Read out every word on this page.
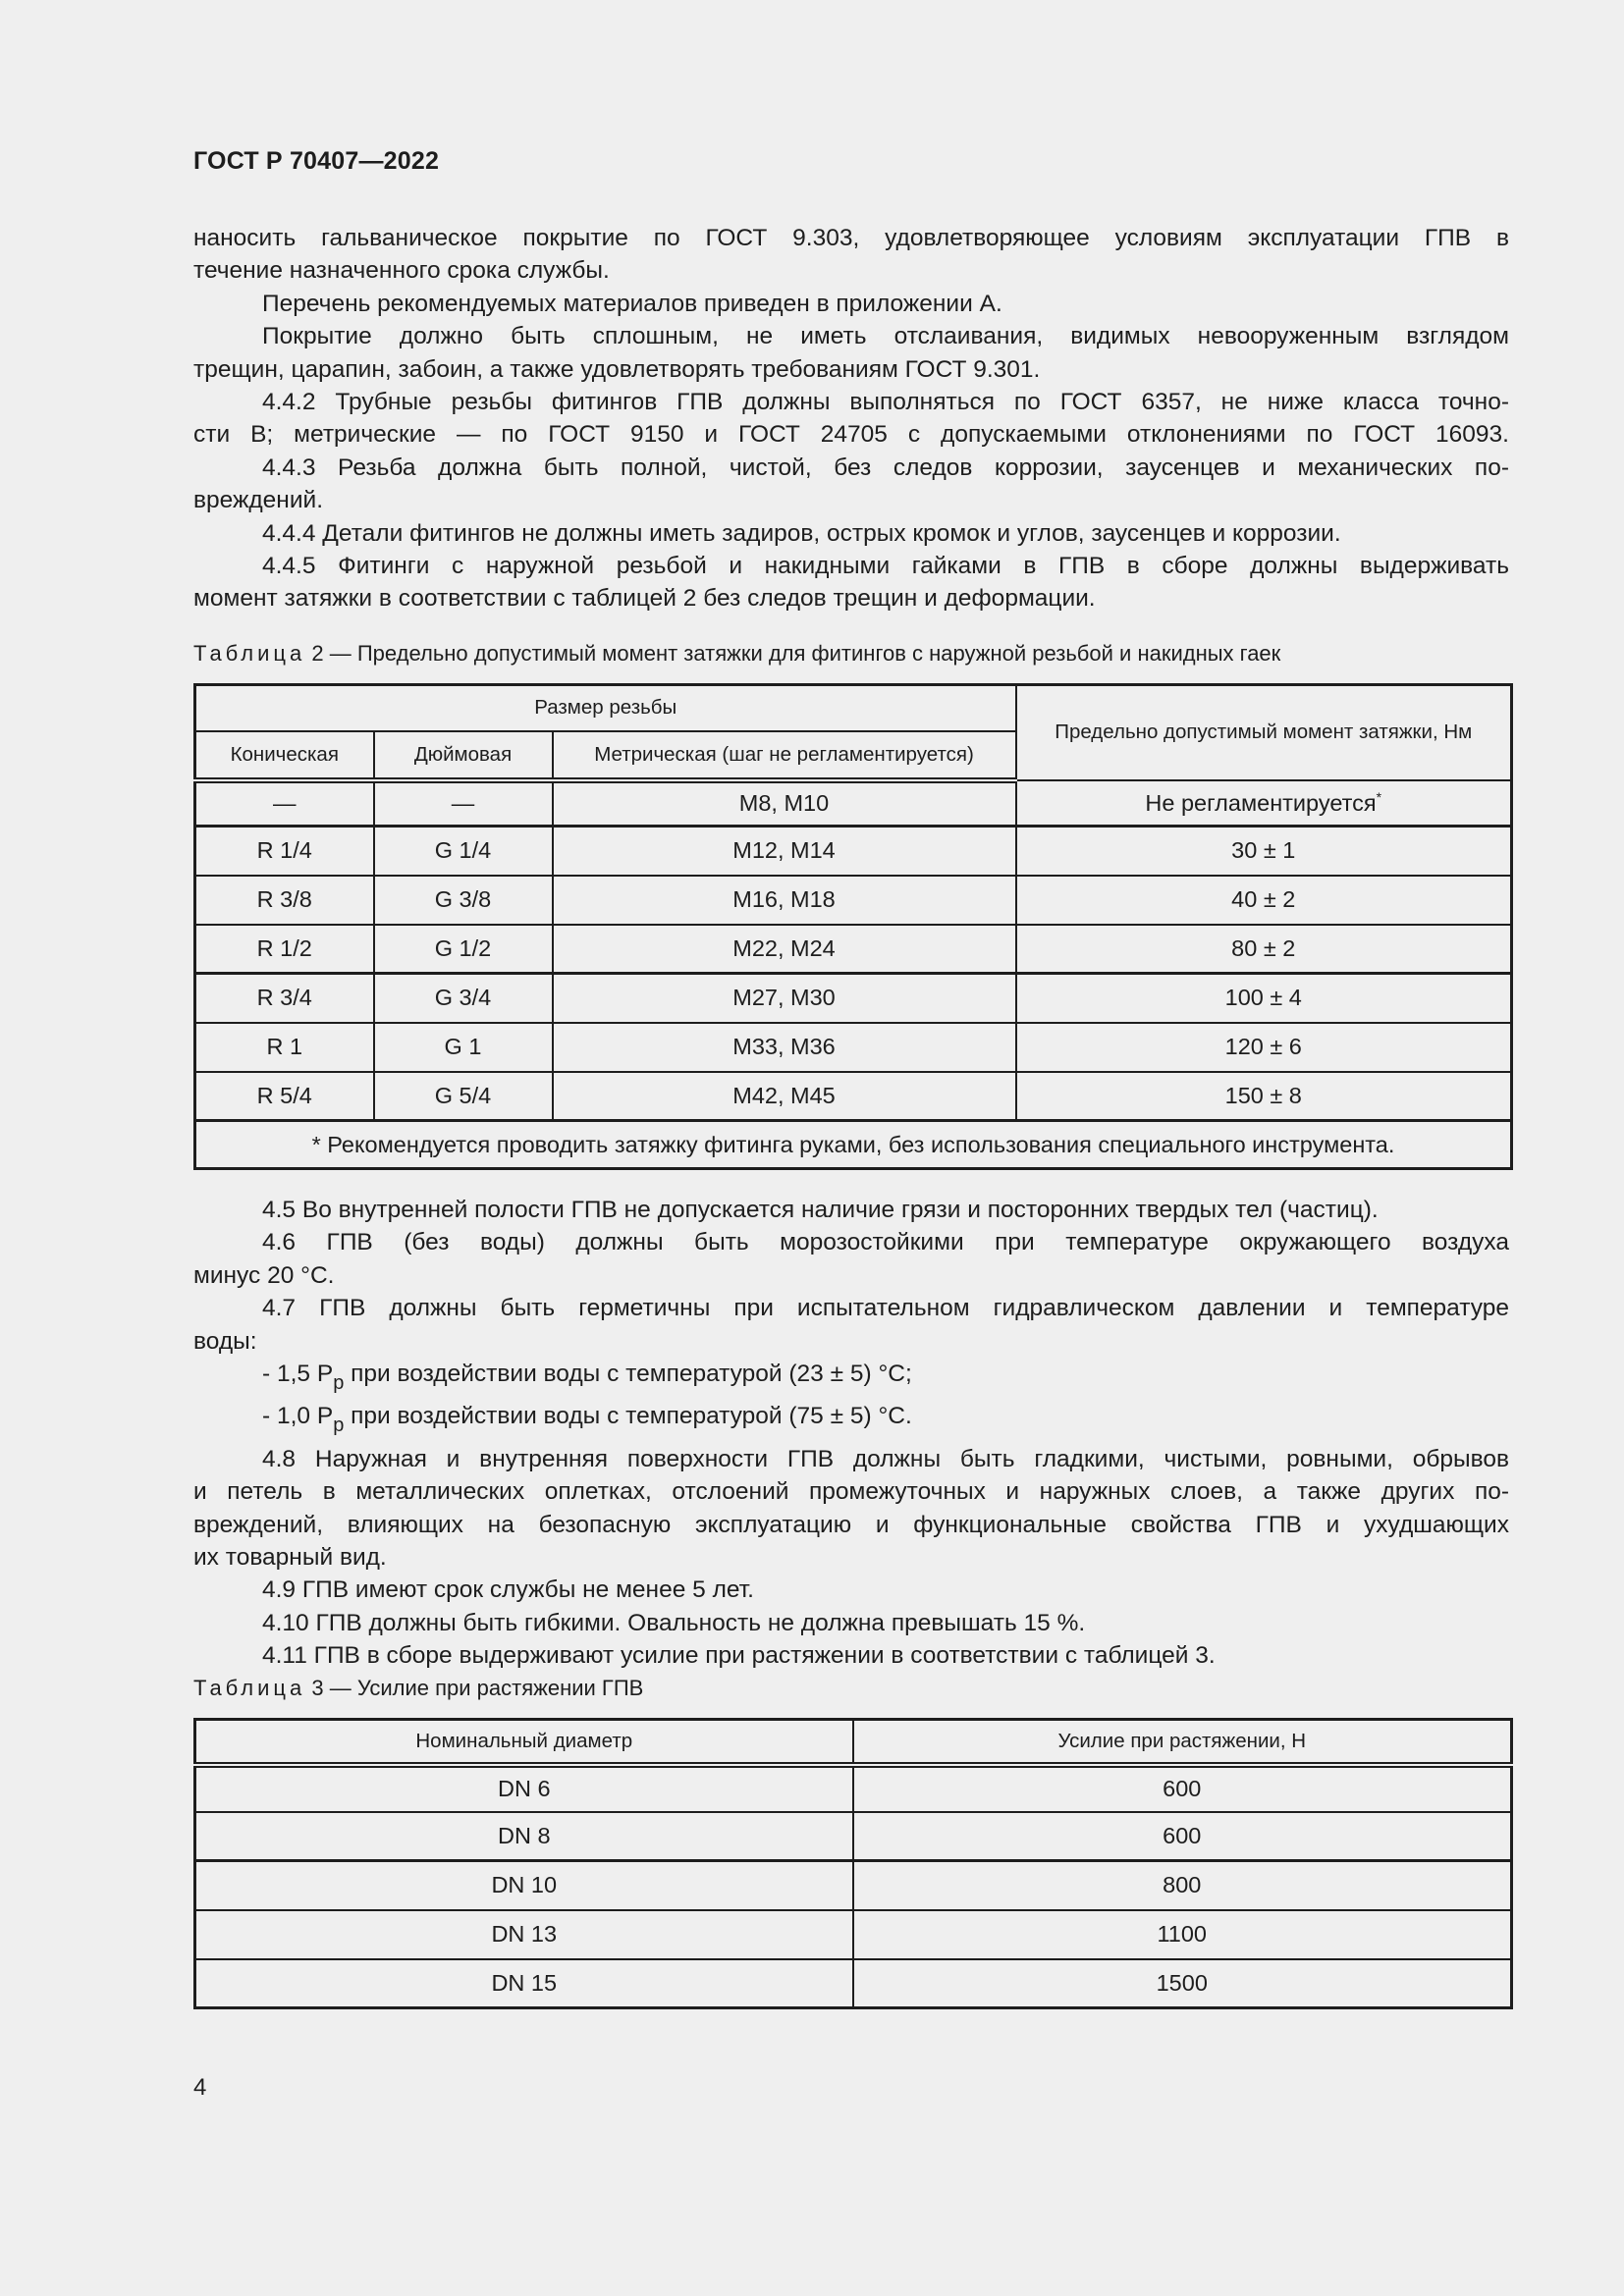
ГОСТ Р 70407—2022
наносить гальваническое покрытие по ГОСТ 9.303, удовлетворяющее условиям эксплуатации ГПВ в
течение назначенного срока службы.
Перечень рекомендуемых материалов приведен в приложении А.
Покрытие должно быть сплошным, не иметь отслаивания, видимых невооруженным взглядом
трещин, царапин, забоин, а также удовлетворять требованиям ГОСТ 9.301.
4.4.2 Трубные резьбы фитингов ГПВ должны выполняться по ГОСТ 6357, не ниже класса точно-
сти В; метрические — по ГОСТ 9150 и ГОСТ 24705 с допускаемыми отклонениями по ГОСТ 16093.
4.4.3 Резьба должна быть полной, чистой, без следов коррозии, заусенцев и механических по-
вреждений.
4.4.4 Детали фитингов не должны иметь задиров, острых кромок и углов, заусенцев и коррозии.
4.4.5 Фитинги с наружной резьбой и накидными гайками в ГПВ в сборе должны выдерживать
момент затяжки в соответствии с таблицей 2 без следов трещин и деформации.
Таблица 2 — Предельно допустимый момент затяжки для фитингов с наружной резьбой и накидных гаек
Размер резьбы			Предельно допустимый момент затяжки, Нм
Коническая	Дюймовая	Метрическая (шаг не регламентируется)	
—	—	M8, M10	Не регламентируется*
R 1/4	G 1/4	M12, M14	30 ± 1
R 3/8	G 3/8	M16, M18	40 ± 2
R 1/2	G 1/2	M22, M24	80 ± 2
R 3/4	G 3/4	M27, M30	100 ± 4
R 1	G 1	M33, M36	120 ± 6
R 5/4	G 5/4	M42, M45	150 ± 8
* Рекомендуется проводить затяжку фитинга руками, без использования специального инструмента.			
4.5 Во внутренней полости ГПВ не допускается наличие грязи и посторонних твердых тел (частиц).
4.6 ГПВ (без воды) должны быть морозостойкими при температуре окружающего воздуха
минус 20 °С.
4.7 ГПВ должны быть герметичны при испытательном гидравлическом давлении и температуре
воды:
- 1,5 $P_p$ при воздействии воды с температурой (23 ± 5) °С;
- 1,0 $P_p$ при воздействии воды с температурой (75 ± 5) °С.
4.8 Наружная и внутренняя поверхности ГПВ должны быть гладкими, чистыми, ровными, обрывов
и петель в металлических оплетках, отслоений промежуточных и наружных слоев, а также других по-
вреждений, влияющих на безопасную эксплуатацию и функциональные свойства ГПВ и ухудшающих
их товарный вид.
4.9 ГПВ имеют срок службы не менее 5 лет.
4.10 ГПВ должны быть гибкими. Овальность не должна превышать 15 %.
4.11 ГПВ в сборе выдерживают усилие при растяжении в соответствии с таблицей 3.
Таблица 3 — Усилие при растяжении ГПВ
Номинальный диаметр	Усилие при растяжении, Н
DN 6	600
DN 8	600
DN 10	800
DN 13	1100
DN 15	1500
4
